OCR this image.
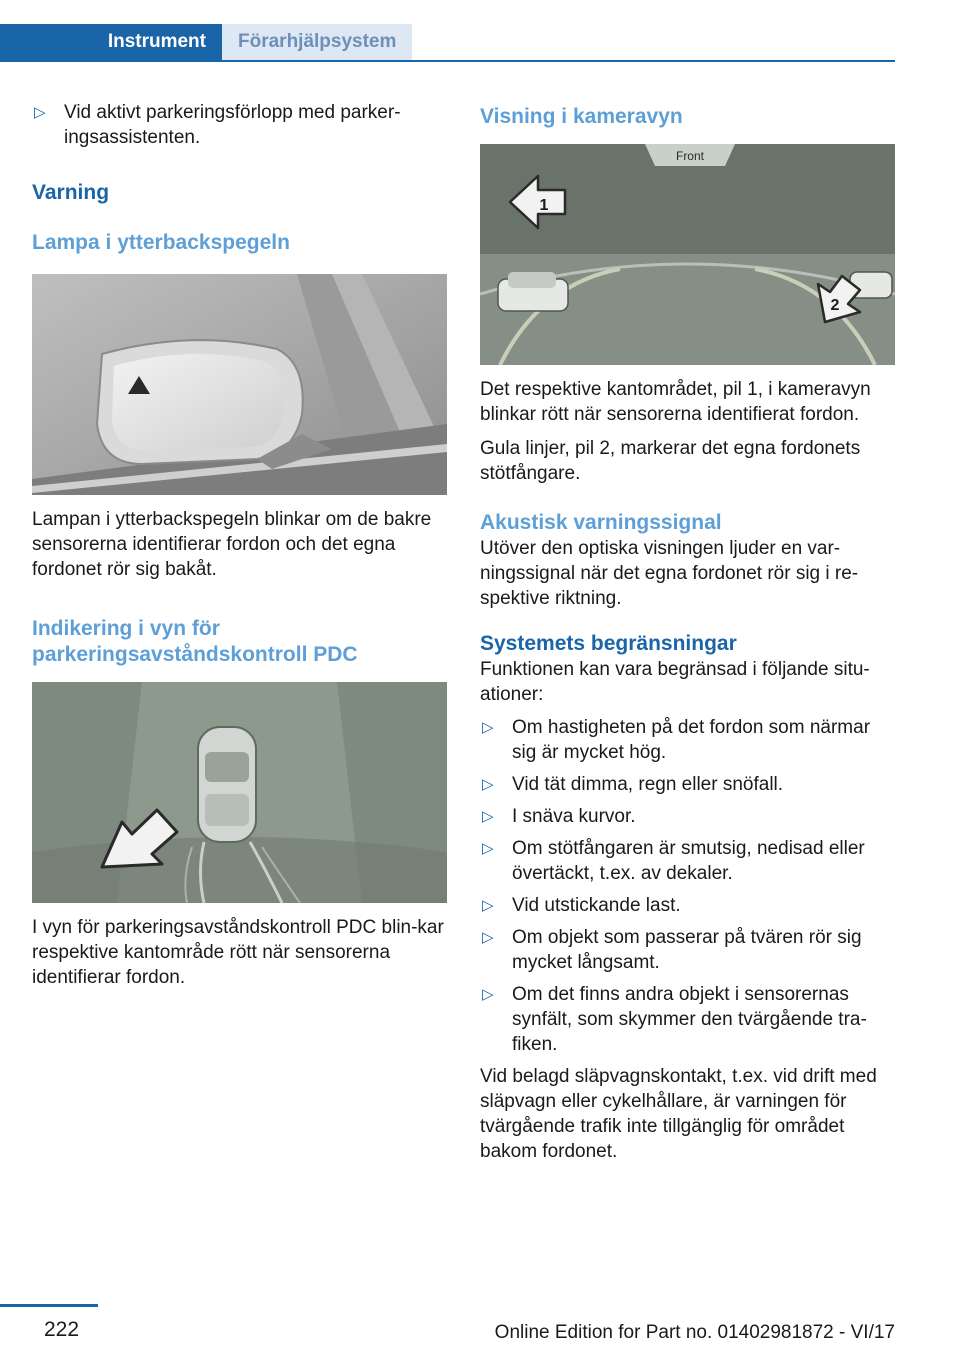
Instrument	Förarhjälpsystem
▷ Vid aktivt parkeringsförlopp med parker‐ingsassistenten.
Varning
Lampa i ytterbackspegeln
Lampan i ytterbackspegeln blinkar om de bakre sensorerna identifierar fordon och det egna fordonet rör sig bakåt.
Indikering i vyn för parkeringsavståndskontroll PDC
I vyn för parkeringsavståndskontroll PDC blin‐kar respektive kantområde rött när sensorerna identifierar fordon.
Visning i kameravyn
Front
1
2
Det respektive kantområdet, pil 1, i kameravyn blinkar rött när sensorerna identifierat fordon.
Gula linjer, pil 2, markerar det egna fordonets stötfångare.
Akustisk varningssignal
Utöver den optiska visningen ljuder en var‐ningssignal när det egna fordonet rör sig i re‐spektive riktning.
Systemets begränsningar
Funktionen kan vara begränsad i följande situ‐ationer:
▷ Om hastigheten på det fordon som närmar sig är mycket hög.
▷ Vid tät dimma, regn eller snöfall.
▷ I snäva kurvor.
▷ Om stötfångaren är smutsig, nedisad eller övertäckt, t.ex. av dekaler.
▷ Vid utstickande last.
▷ Om objekt som passerar på tvären rör sig mycket långsamt.
▷ Om det finns andra objekt i sensorernas synfält, som skymmer den tvärgående tra‐fiken.
Vid belagd släpvagnskontakt, t.ex. vid drift med släpvagn eller cykelhållare, är varningen för tvärgående trafik inte tillgänglig för området bakom fordonet.
222	Online Edition for Part no. 01402981872 - VI/17
